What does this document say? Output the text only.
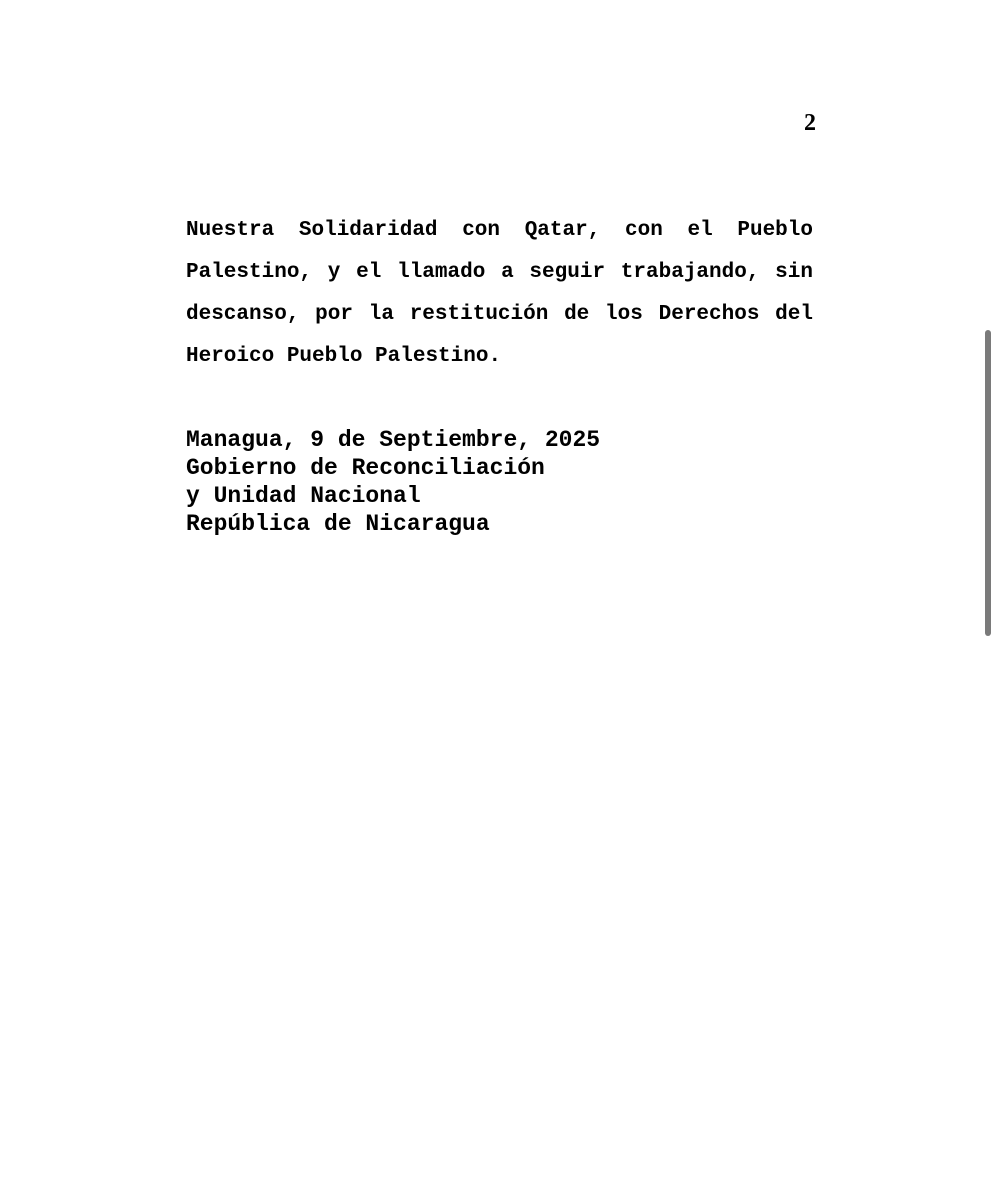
2

Nuestra Solidaridad con Qatar, con el Pueblo Palestino, y el llamado a seguir trabajando, sin descanso, por la restitución de los Derechos del Heroico Pueblo Palestino.

Managua, 9 de Septiembre, 2025
Gobierno de Reconciliación
y Unidad Nacional
República de Nicaragua
